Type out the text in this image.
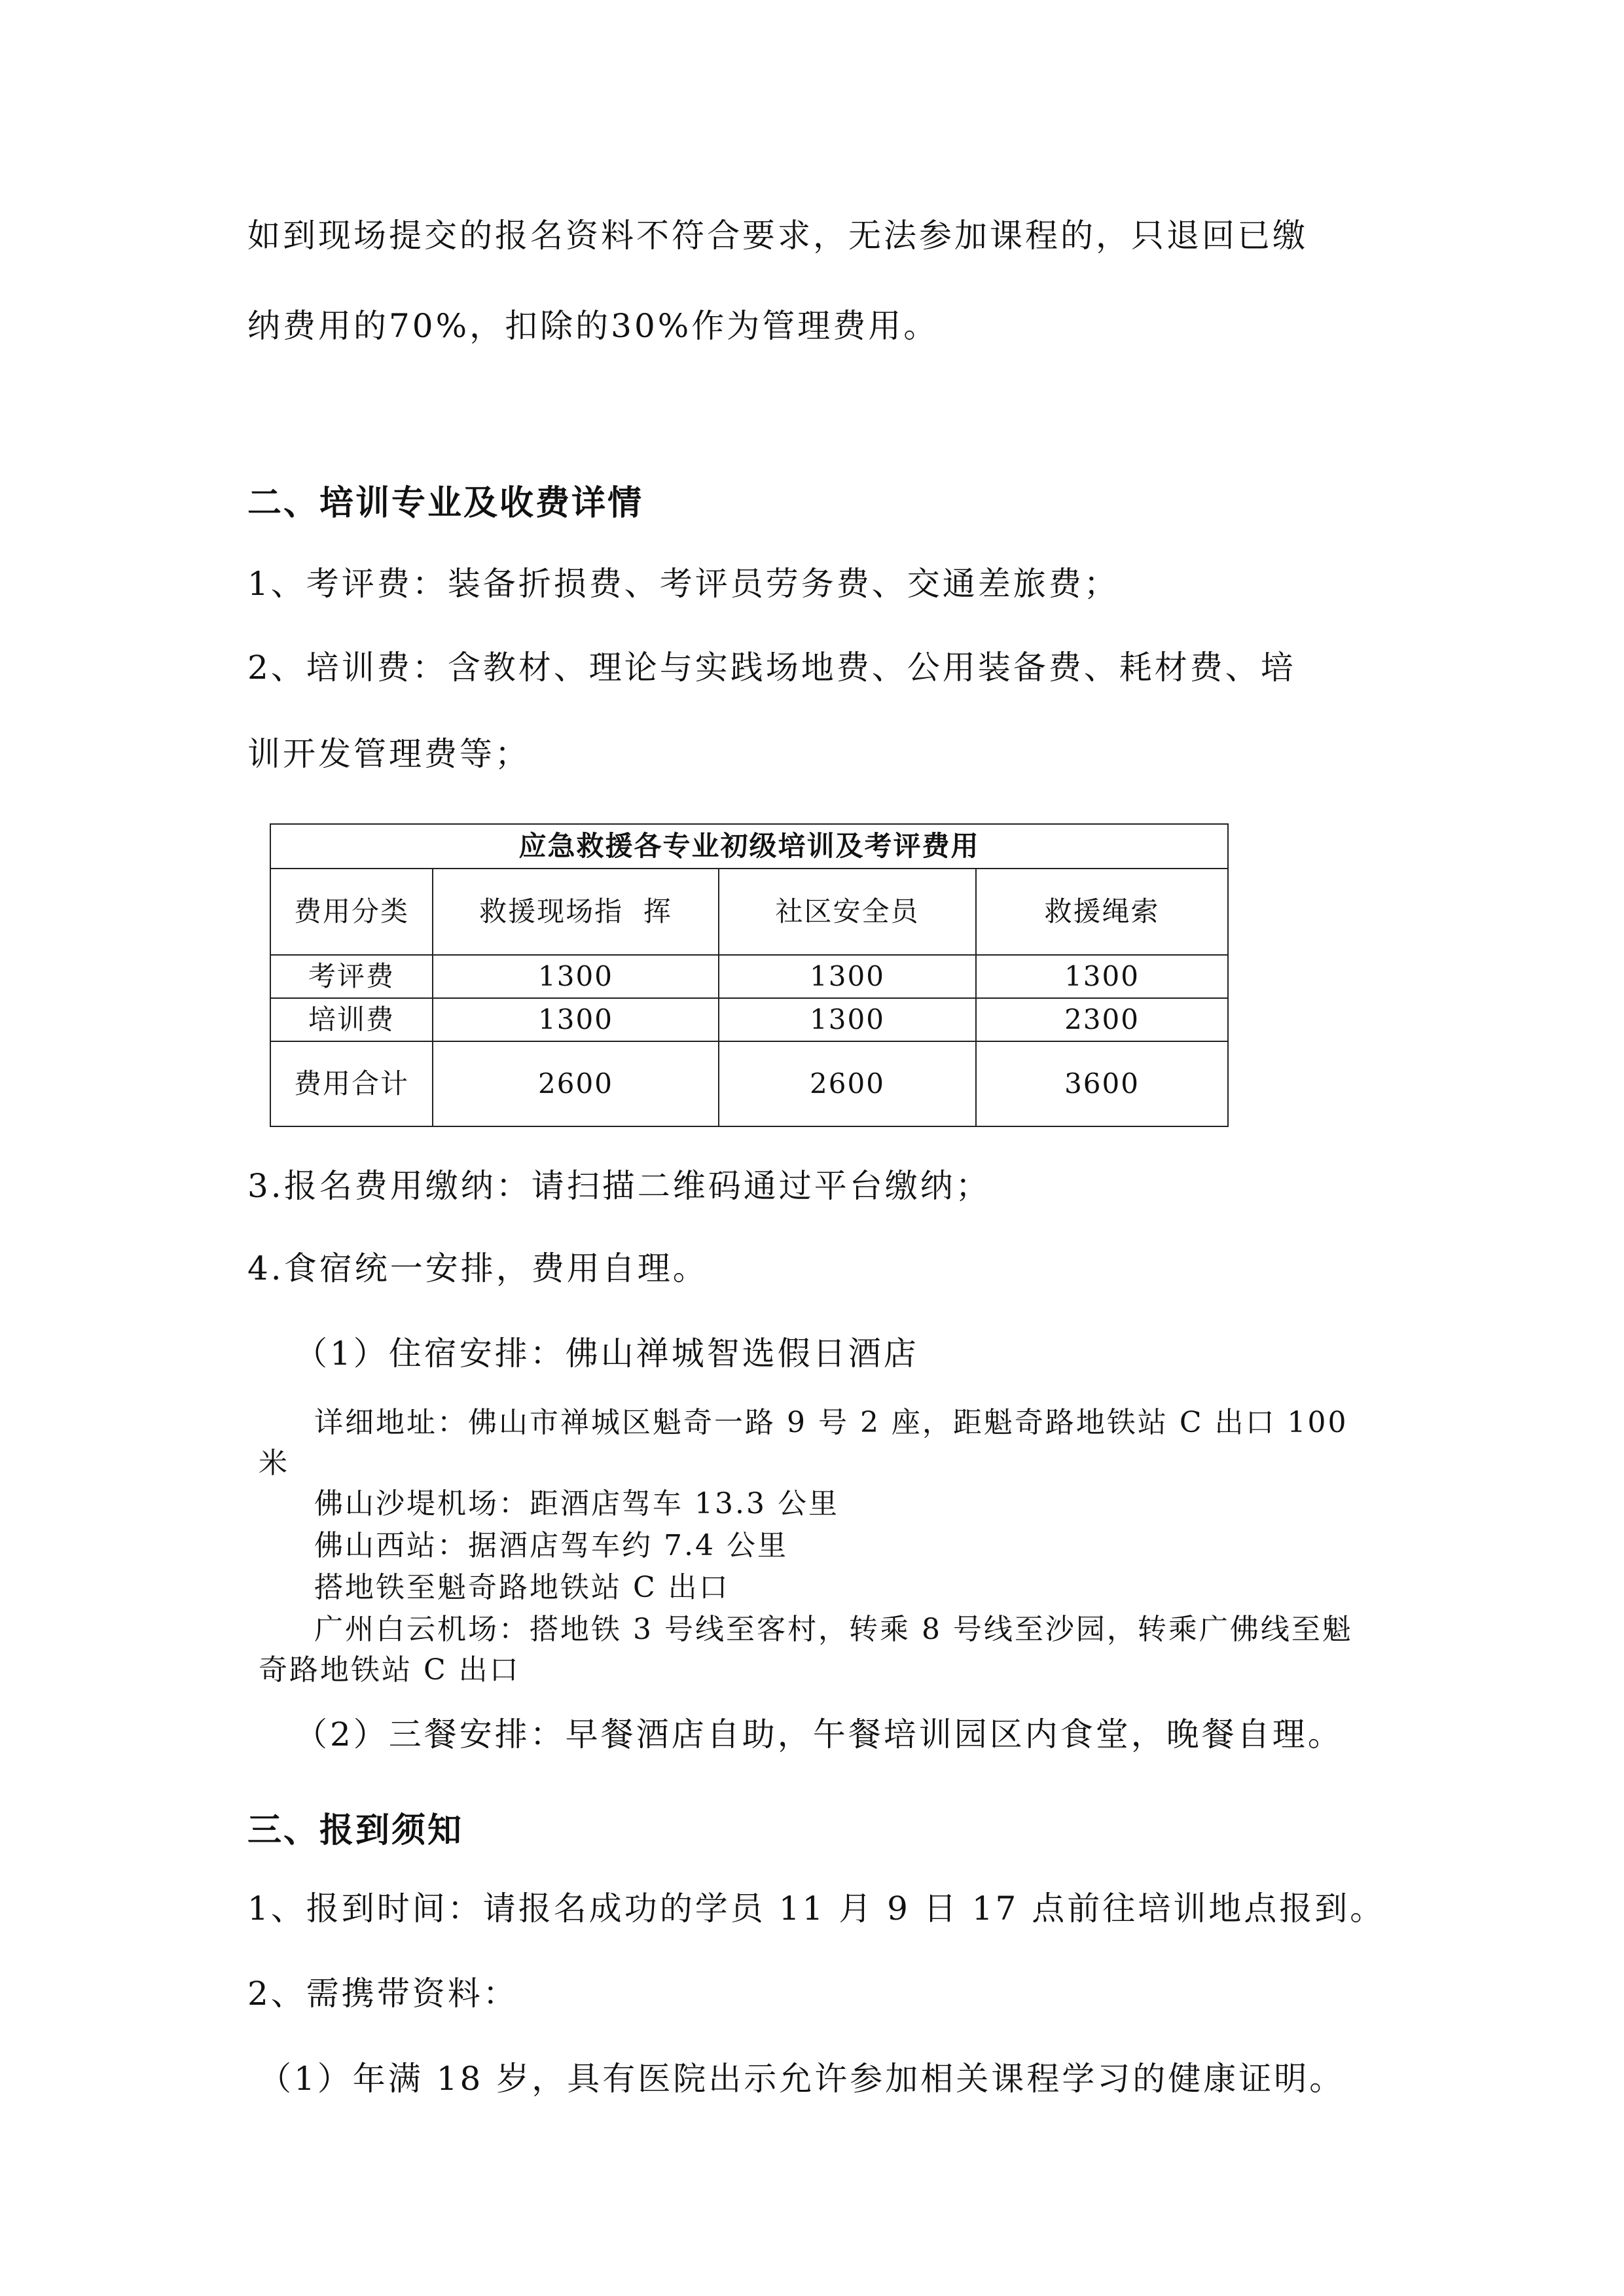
如到现场提交的报名资料不符合要求，无法参加课程的，只退回已缴

纳费用的70%，扣除的30%作为管理费用。

二、培训专业及收费详情

1、考评费：装备折损费、考评员劳务费、交通差旅费；

2、培训费：含教材、理论与实践场地费、公用装备费、耗材费、培

训开发管理费等；

应急救援各专业初级培训及考评费用			
费用分类	救援现场指  挥	社区安全员	救援绳索
考评费	1300	1300	1300
培训费	1300	1300	2300
费用合计	2600	2600	3600

3.报名费用缴纳：请扫描二维码通过平台缴纳；

4.食宿统一安排，费用自理。

（1）住宿安排：佛山禅城智选假日酒店

详细地址：佛山市禅城区魁奇一路 9 号 2 座，距魁奇路地铁站 C 出口 100

米

佛山沙堤机场：距酒店驾车 13.3 公里

佛山西站：据酒店驾车约 7.4 公里

搭地铁至魁奇路地铁站 C 出口

广州白云机场：搭地铁 3 号线至客村，转乘 8 号线至沙园，转乘广佛线至魁

奇路地铁站 C 出口

（2）三餐安排：早餐酒店自助，午餐培训园区内食堂，晚餐自理。

三、报到须知

1、报到时间：请报名成功的学员 11 月 9 日 17 点前往培训地点报到。

2、需携带资料：

（1）年满 18 岁，具有医院出示允许参加相关课程学习的健康证明。
